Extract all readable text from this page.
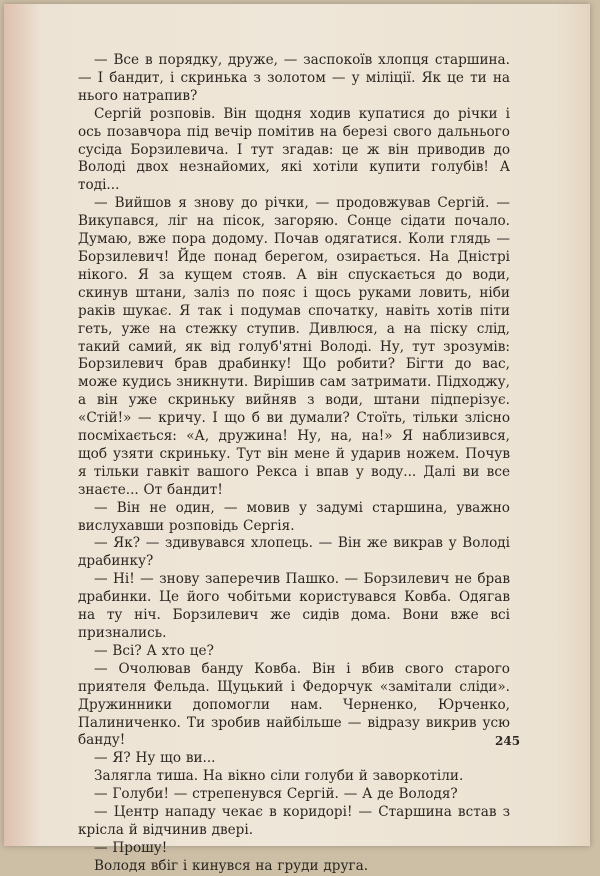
— Все в порядку, друже, — заспокоїв хлопця старшина. — І бандит, і скринька з золотом — у міліції. Як це ти на нього натрапив?

Сергій розповів. Він щодня ходив купатися до річки і ось позавчора під вечір помітив на березі свого дальнього сусіда Борзилевича. І тут згадав: це ж він приводив до Володі двох незнайомих, які хотіли купити голубів! А тоді...

— Вийшов я знову до річки, — продовжував Сергій. — Викупався, ліг на пісок, загоряю. Сонце сідати почало. Думаю, вже пора додому. Почав одягатися. Коли глядь — Борзилевич! Йде понад берегом, озирається. На Дністрі нікого. Я за кущем стояв. А він спускається до води, скинув штани, заліз по пояс і щось руками ловить, ніби раків шукає. Я так і подумав спочатку, навіть хотів піти геть, уже на стежку ступив. Дивлюся, а на піску слід, такий самий, як від голуб'ятні Володі. Ну, тут зрозумів: Борзилевич брав драбинку! Що робити? Бігти до вас, може кудись зникнути. Вирішив сам затримати. Підходжу, а він уже скриньку вийняв з води, штани підперізує. «Стій!» — кричу. І що б ви думали? Стоїть, тільки злісно посміхається: «А, дружина! Ну, на, на!» Я наблизився, щоб узяти скриньку. Тут він мене й ударив ножем. Почув я тільки гавкіт вашого Рекса і впав у воду... Далі ви все знаєте... От бандит!

— Він не один, — мовив у задумі старшина, уважно вислухавши розповідь Сергія.

— Як? — здивувався хлопець. — Він же викрав у Володі драбинку?

— Ні! — знову заперечив Пашко. — Борзилевич не брав драбинки. Це його чобітьми користувався Ковба. Одягав на ту ніч. Борзилевич же сидів дома. Вони вже всі признались.

— Всі? А хто це?

— Очолював банду Ковба. Він і вбив свого старого приятеля Фельда. Щуцький і Федорчук «замітали сліди». Дружинники допомогли нам. Черненко, Юрченко, Палиниченко. Ти зробив найбільше — відразу викрив усю банду!

— Я? Ну що ви...

Залягла тиша. На вікно сіли голуби й заворкотіли.

— Голуби! — стрепенувся Сергій. — А де Володя?

— Центр нападу чекає в коридорі! — Старшина встав з крісла й відчинив двері.

— Прошу!

Володя вбіг і кинувся на груди друга.

245
